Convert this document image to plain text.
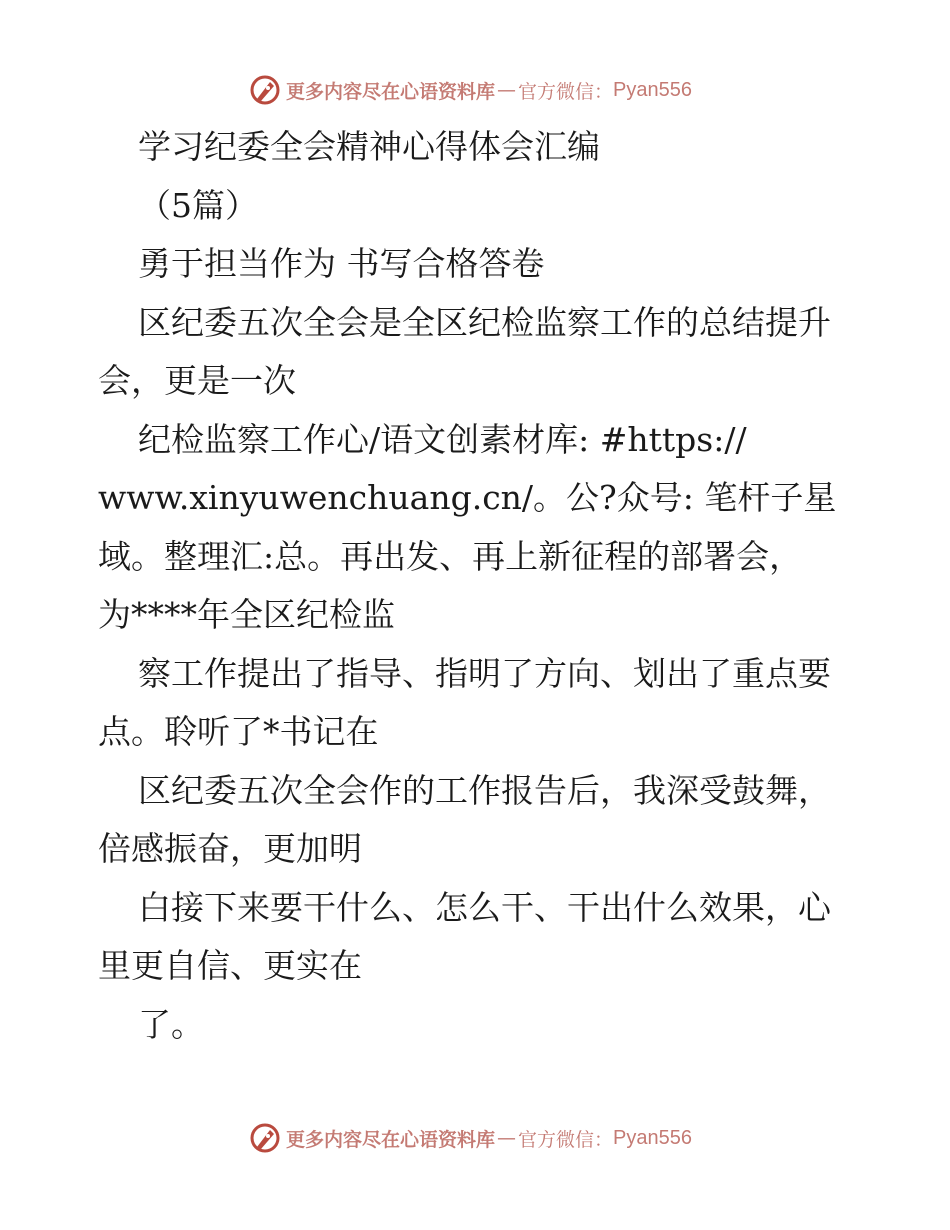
更多内容尽在心语资料库 — 官方微信： Pyan556
学习纪委全会精神心得体会汇编
（5篇）
勇于担当作为 书写合格答卷
区纪委五次全会是全区纪检监察工作的总结提升
会，更是一次
纪检监察工作心/语文创素材库: #https://
www.xinyuwenchuang.cn/。公?众号: 笔杆子星
域。整理汇:总。再出发、再上新征程的部署会，
为****年全区纪检监
察工作提出了指导、指明了方向、划出了重点要
点。聆听了*书记在
区纪委五次全会作的工作报告后，我深受鼓舞，
倍感振奋，更加明
白接下来要干什么、怎么干、干出什么效果，心
里更自信、更实在
了。
更多内容尽在心语资料库 — 官方微信： Pyan556
